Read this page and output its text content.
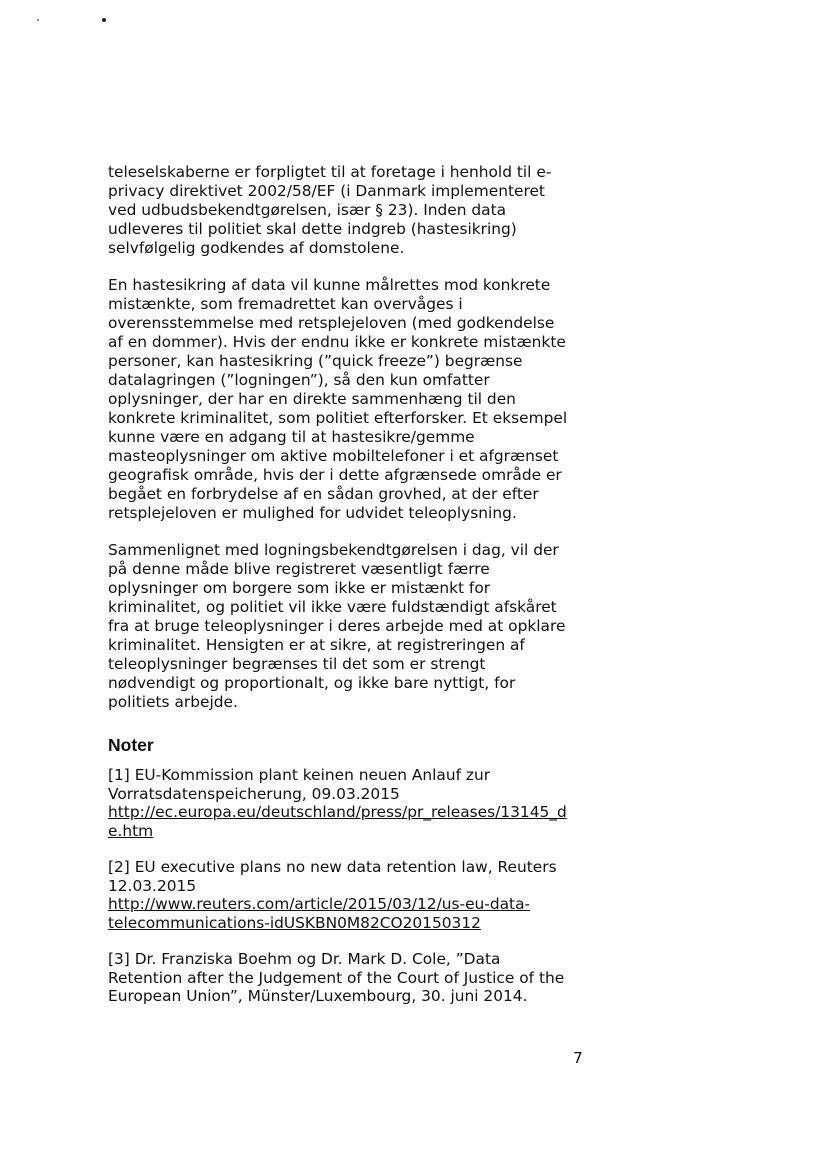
teleselskaberne er forpligtet til at foretage i henhold til e-
privacy direktivet 2002/58/EF (i Danmark implementeret
ved udbudsbekendtgørelsen, især § 23). Inden data
udleveres til politiet skal dette indgreb (hastesikring)
selvfølgelig godkendes af domstolene.

En hastesikring af data vil kunne målrettes mod konkrete
mistænkte, som fremadrettet kan overvåges i
overensstemmelse med retsplejeloven (med godkendelse
af en dommer). Hvis der endnu ikke er konkrete mistænkte
personer, kan hastesikring (”quick freeze”) begrænse
datalagringen (”logningen”), så den kun omfatter
oplysninger, der har en direkte sammenhæng til den
konkrete kriminalitet, som politiet efterforsker. Et eksempel
kunne være en adgang til at hastesikre/gemme
masteoplysninger om aktive mobiltelefoner i et afgrænset
geografisk område, hvis der i dette afgrænsede område er
begået en forbrydelse af en sådan grovhed, at der efter
retsplejeloven er mulighed for udvidet teleoplysning.

Sammenlignet med logningsbekendtgørelsen i dag, vil der
på denne måde blive registreret væsentligt færre
oplysninger om borgere som ikke er mistænkt for
kriminalitet, og politiet vil ikke være fuldstændigt afskåret
fra at bruge teleoplysninger i deres arbejde med at opklare
kriminalitet. Hensigten er at sikre, at registreringen af
teleoplysninger begrænses til det som er strengt
nødvendigt og proportionalt, og ikke bare nyttigt, for
politiets arbejde.

Noter
[1] EU-Kommission plant keinen neuen Anlauf zur
Vorratsdatenspeicherung, 09.03.2015
http://ec.europa.eu/deutschland/press/pr_releases/13145_d
e.htm
[2] EU executive plans no new data retention law, Reuters
12.03.2015
http://www.reuters.com/article/2015/03/12/us-eu-data-
telecommunications-idUSKBN0M82CO20150312
[3] Dr. Franziska Boehm og Dr. Mark D. Cole, ”Data
Retention after the Judgement of the Court of Justice of the
European Union”, Münster/Luxembourg, 30. juni 2014.
7
